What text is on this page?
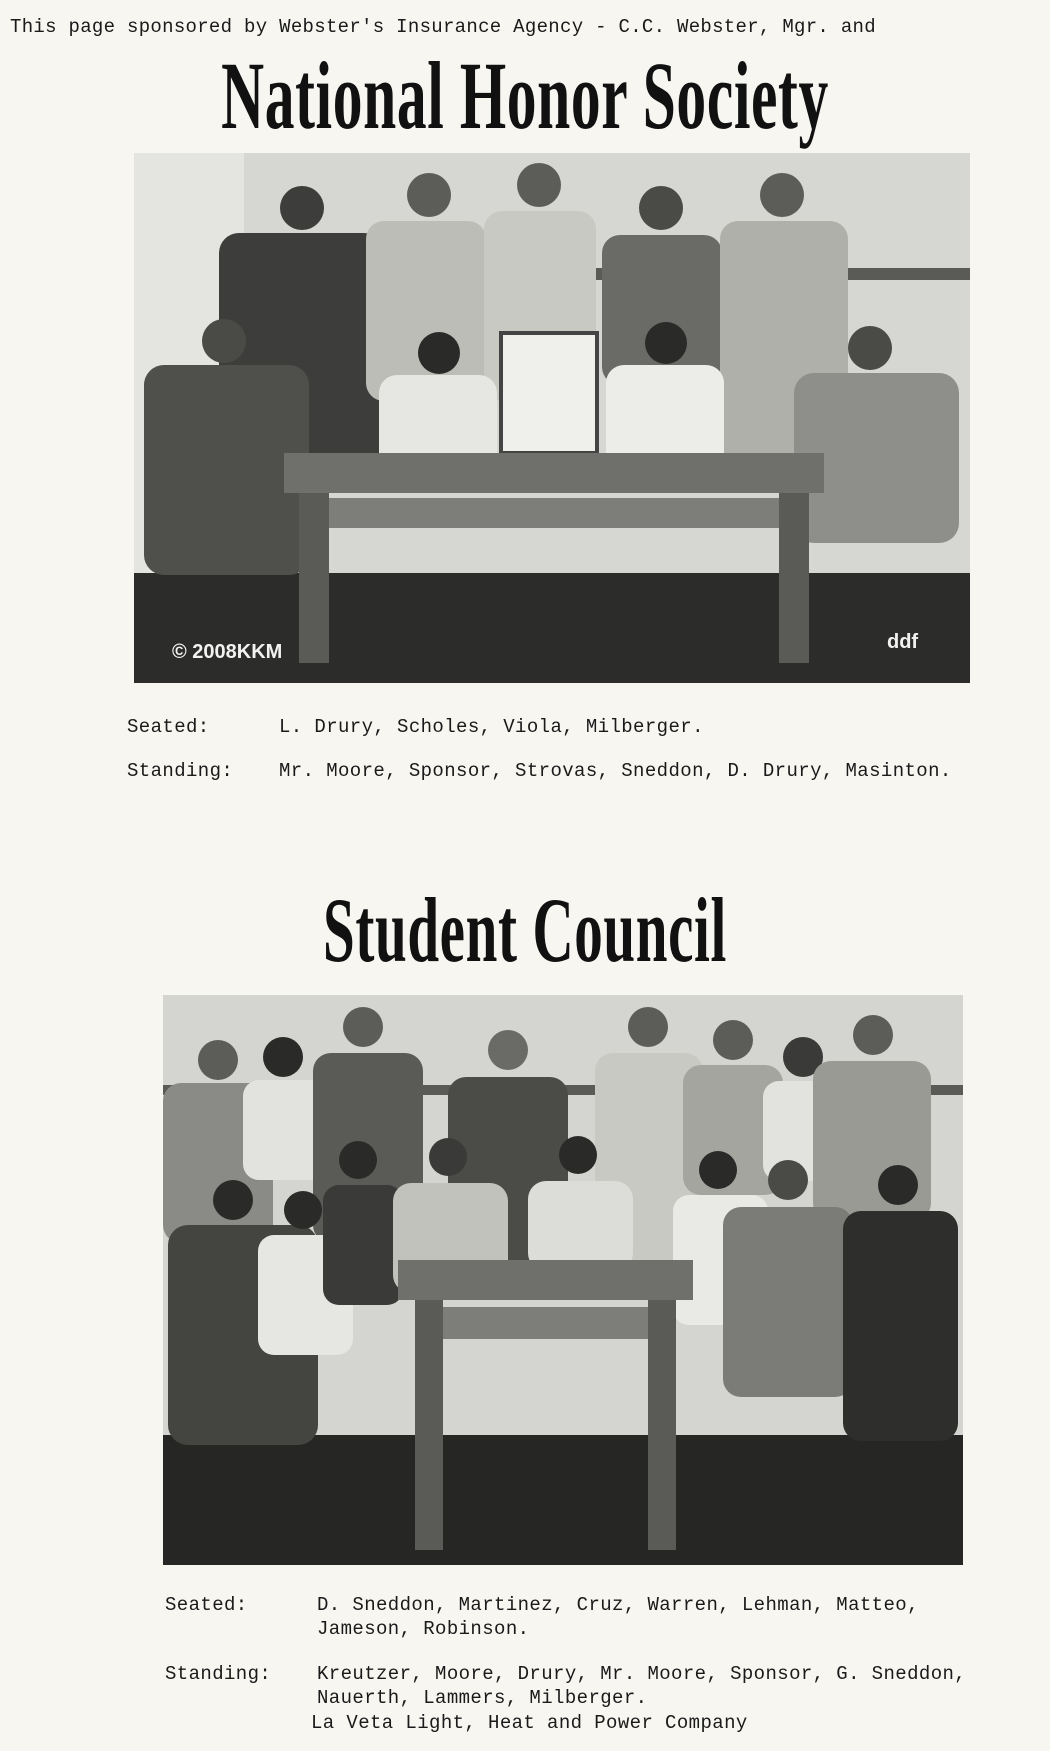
This page sponsored by Webster's Insurance Agency - C.C. Webster, Mgr. and
National Honor Society
© 2008KKM	ddf
Seated:	L. Drury, Scholes, Viola, Milberger.
Standing: Mr. Moore, Sponsor, Strovas, Sneddon, D. Drury, Masinton.
Student Council
Seated:	D. Sneddon, Martinez, Cruz, Warren, Lehman, Matteo, Jameson, Robinson.
Standing: Kreutzer, Moore, Drury, Mr. Moore, Sponsor, G. Sneddon, Nauerth, Lammers, Milberger.
La Veta Light, Heat and Power Company
